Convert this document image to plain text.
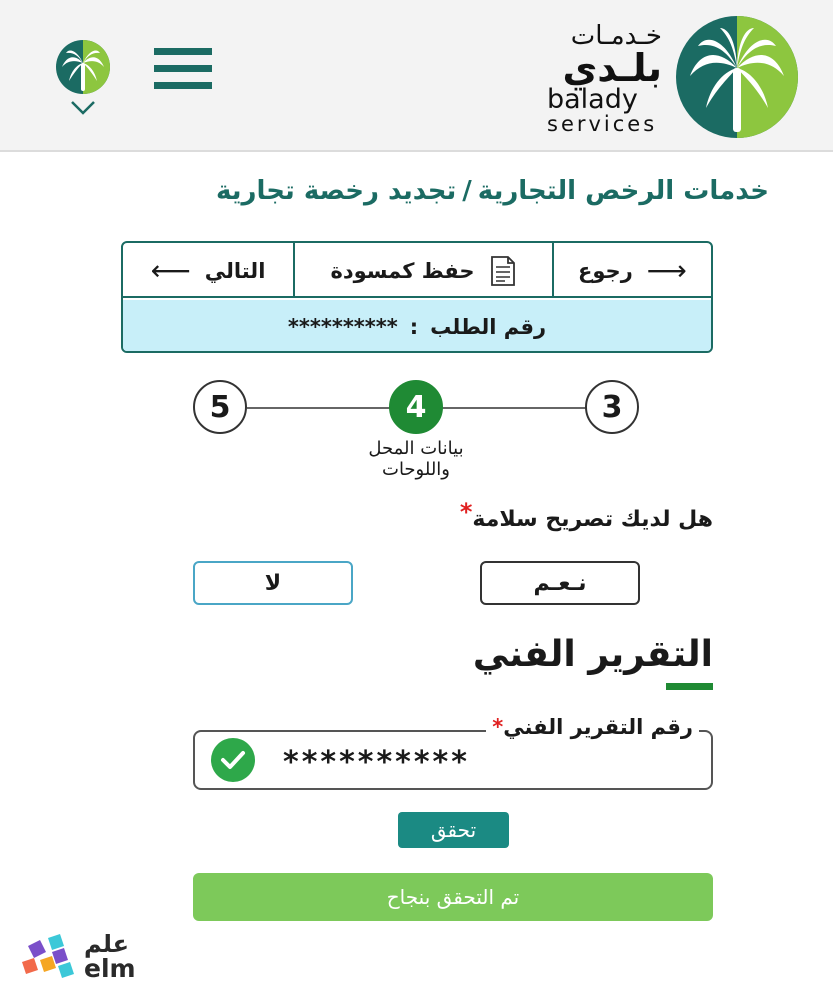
خـدمـات
بلـدي
balady
services
خدمات الرخص التجارية/تجديد رخصة تجارية
⟵ التالي	حفظ كمسودة	رجوع ⟶
رقم الطلب
:
**********
5	4	3
بيانات المحل
واللوحات
هل لديك تصريح سلامة*
نـعـم
لا
التقرير الفني
رقم التقرير الفني*
**********
تحقق
تم التحقق بنجاح
علم
elm
